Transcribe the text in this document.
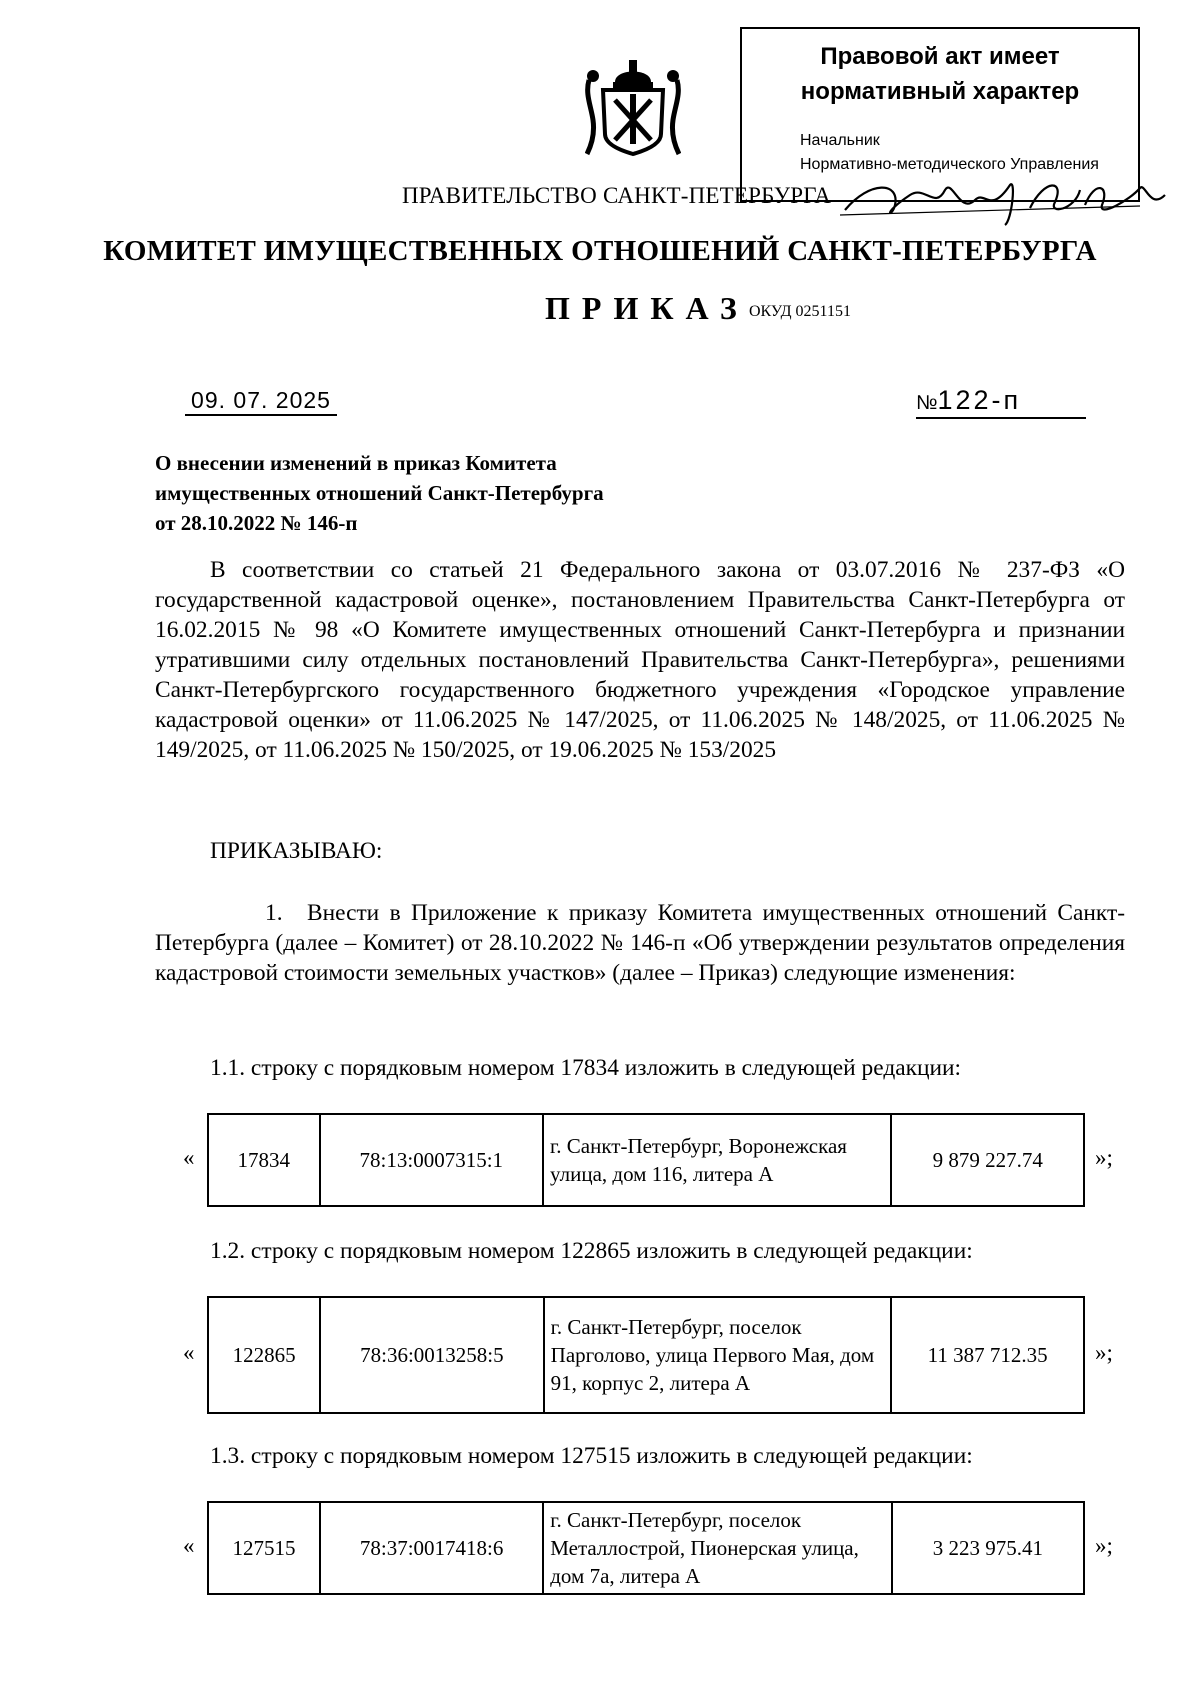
Правовой акт имеет
нормативный характер
Начальник
Нормативно-методического Управления
ПРАВИТЕЛЬСТВО САНКТ-ПЕТЕРБУРГА
КОМИТЕТ ИМУЩЕСТВЕННЫХ ОТНОШЕНИЙ САНКТ-ПЕТЕРБУРГА
ПРИКАЗ ОКУД 0251151
09. 07. 2025	№122-п
О внесении изменений в приказ Комитета
имущественных отношений Санкт-Петербурга
от 28.10.2022 № 146-п
В соответствии со статьей 21 Федерального закона от 03.07.2016 № 237-ФЗ «О государственной кадастровой оценке», постановлением Правительства Санкт-Петербурга от 16.02.2015 № 98 «О Комитете имущественных отношений Санкт-Петербурга и признании утратившими силу отдельных постановлений Правительства Санкт-Петербурга», решениями Санкт-Петербургского государственного бюджетного учреждения «Городское управление кадастровой оценки» от 11.06.2025 № 147/2025, от 11.06.2025 № 148/2025, от 11.06.2025 № 149/2025, от 11.06.2025 № 150/2025, от 19.06.2025 № 153/2025
ПРИКАЗЫВАЮ:
1. Внести в Приложение к приказу Комитета имущественных отношений Санкт-Петербурга (далее – Комитет) от 28.10.2022 № 146-п «Об утверждении результатов определения кадастровой стоимости земельных участков» (далее – Приказ) следующие изменения:
1.1. строку с порядковым номером 17834 изложить в следующей редакции:
« 17834	78:13:0007315:1	г. Санкт-Петербург, Воронежская улица, дом 116, литера А	9 879 227.74 »;
1.2. строку с порядковым номером 122865 изложить в следующей редакции:
« 122865	78:36:0013258:5	г. Санкт-Петербург, поселок Парголово, улица Первого Мая, дом 91, корпус 2, литера А	11 387 712.35 »;
1.3. строку с порядковым номером 127515 изложить в следующей редакции:
« 127515	78:37:0017418:6	г. Санкт-Петербург, поселок Металлострой, Пионерская улица, дом 7а, литера А	3 223 975.41 »;
